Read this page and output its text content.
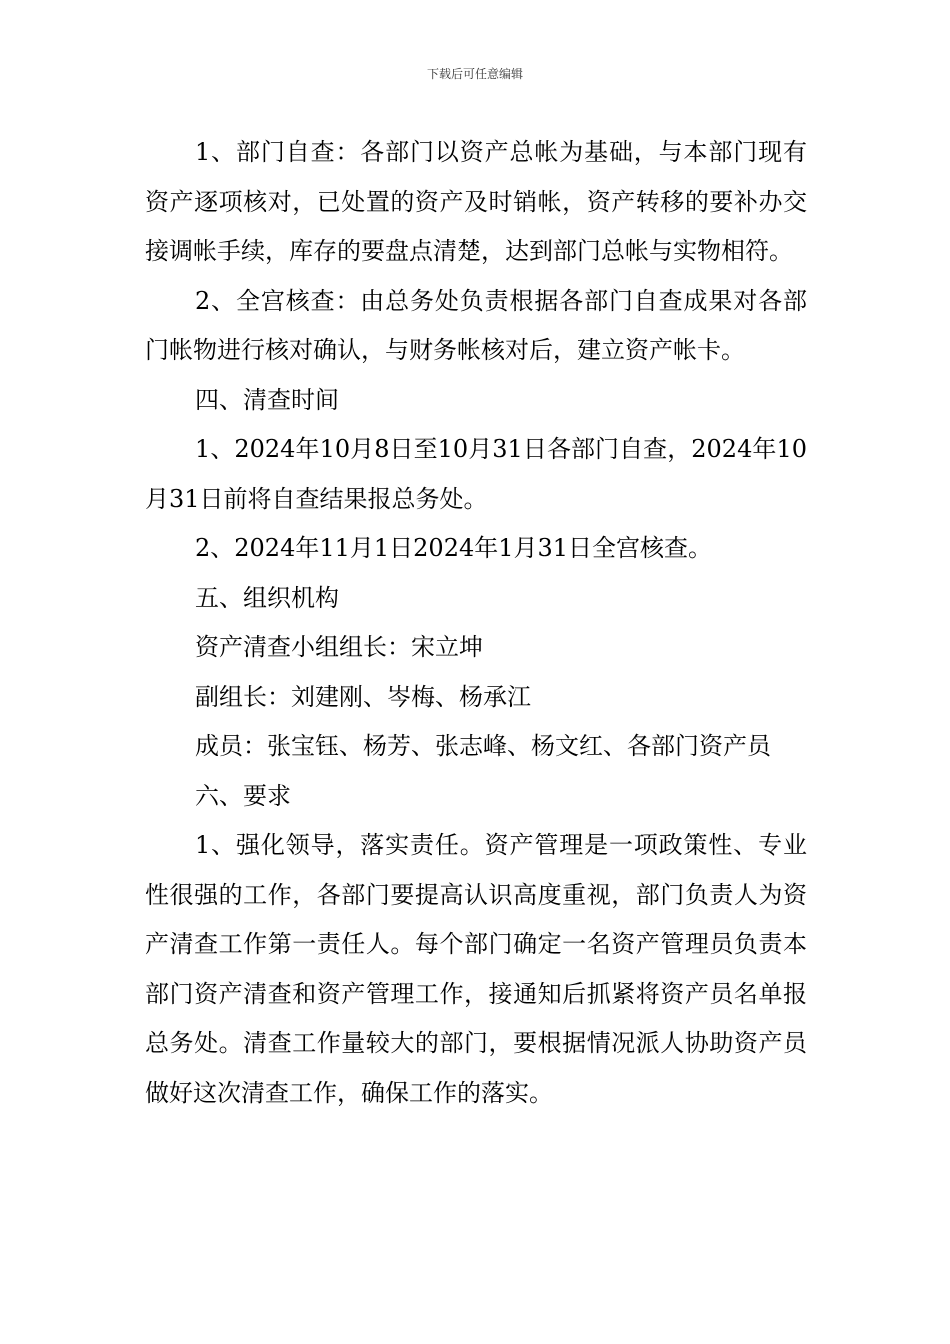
下载后可任意编辑

1、部门自查：各部门以资产总帐为基础，与本部门现有资产逐项核对，已处置的资产及时销帐，资产转移的要补办交接调帐手续，库存的要盘点清楚，达到部门总帐与实物相符。

2、全宫核查：由总务处负责根据各部门自查成果对各部门帐物进行核对确认，与财务帐核对后，建立资产帐卡。

四、清查时间

1、2024年10月8日至10月31日各部门自查，2024年10月31日前将自查结果报总务处。

2、2024年11月1日2024年1月31日全宫核查。

五、组织机构

资产清查小组组长：宋立坤

副组长：刘建刚、岑梅、杨承江

成员：张宝钰、杨芳、张志峰、杨文红、各部门资产员

六、要求

1、强化领导，落实责任。资产管理是一项政策性、专业性很强的工作，各部门要提高认识高度重视，部门负责人为资产清查工作第一责任人。每个部门确定一名资产管理员负责本部门资产清查和资产管理工作，接通知后抓紧将资产员名单报总务处。清查工作量较大的部门，要根据情况派人协助资产员做好这次清查工作，确保工作的落实。
